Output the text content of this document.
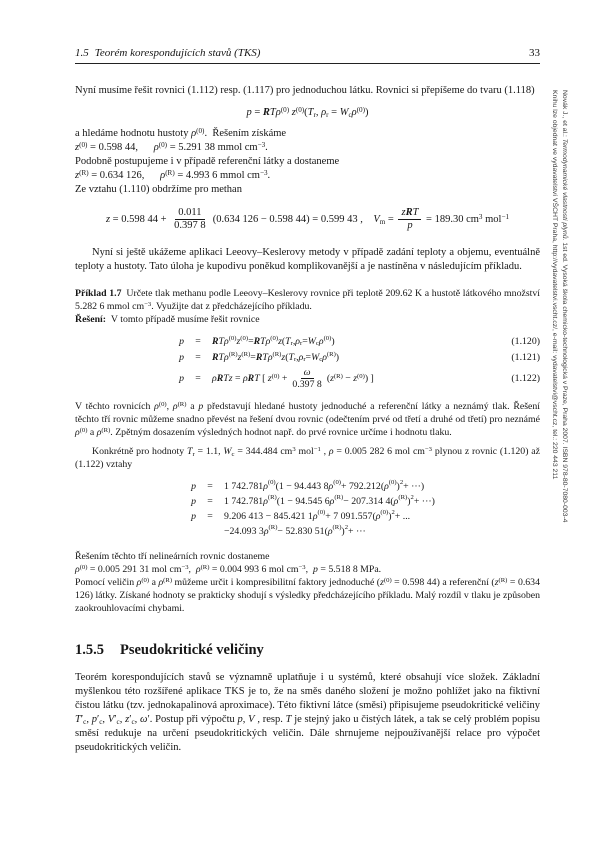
1.5 Teorém korespondujících stavů (TKS)	33

Nyní musíme řešit rovnici (1.112) resp. (1.117) pro jednoduchou látku. Rovnici si přepíšeme do tvaru (1.118)

p = RTρ$^{(0)}$ $z^{(0)}(T_r$, $\rho_r = W_c\rho^{(0)}$)
a hledáme hodnotu hustoty $\rho^{(0)}$. Řešením získáme
$z^{(0)} = 0.598$ 44,  $\rho^{(0)} = 5.291$ 38 mmol $cm^{-3}$.
Podobně postupujeme i v případě referenční látky a dostaneme
$z^{(R)} = 0.634$ 126,  $\rho^{(R)} = 4.993$ 6 mmol $cm^{-3}$.
Ze vztahu (1.110) obdržíme pro methan
z = 0.598 $44 + \frac{0.011}{0.397 8} (0.634$ 126 − 0.598 44) = 0.599 43 , $V_m = \frac{\text{zRT}}{p} = 189.30$ $cm^3$ mol$^{-1}$

Nyní si ještě ukážeme aplikaci Leeovy–Keslerovy metody v případě zadání teploty a objemu, eventuálně teploty a hustoty. Tato úloha je kupodivu poněkud komplikovanější a je nastíněna v následujícím příkladu.

Příklad 1.7 Určete tlak methanu podle Leeovy–Keslerovy rovnice při teplotě 209.62 K a hustotě látkového množství 5.282 6 mmol $cm^{-3}$. Využijte dat z předcházejícího příkladu.

Řešení: V tomto případě musíme řešit rovnice
p	=	R T $\rho^{(0)}$ $z^{(0)} = R$ T $\rho^{(0)}$ z ( $T_r$ , $\rho_r = W_c$ $\rho^{(0)}$ )	(1.120)
p	=	R T $\rho^{(R)}$ $z^{(R)} = R$ T $\rho^{(R)}$ z ( $T_r$ , $\rho_r = W_c$ $\rho^{(R)}$ )	(1.121)
p	=	ρRTz = ρRT [ $z^{(0)} + \frac{\omega}{0.397 8} (z^{(R)} - z^{(0)})$ ]	(1.122)

V těchto rovnicích $\rho^{(0)}$, $\rho^{(R)}$ a p představují hledané hustoty jednoduché a referenční látky a neznámý tlak. Řešení těchto tří rovnic můžeme snadno převést na řešení dvou rovnic (odečtením prvé od třetí a druhé od třetí) pro neznámé $\rho^{(0)}$ a $\rho^{(R)}$. Zpětným dosazením výsledných hodnot např. do prvé rovnice určíme i hodnotu tlaku.

Konkrétně pro hodnoty $T_r = 1.1$, $W_c = 344.484$ $cm^3$ mol$^{-1}$ , ρ = 0.005 282 6 mol $cm^{-3}$ plynou z rovnic (1.120) až (1.122) vztahy

p	=	1 742.781 $\rho^{(0)}$ (1 − 94.443 8 $\rho^{(0)} + 792.212$( $\rho^{(0)}$ )$^2$ + ···)
p	=	1 742.781 $\rho^{(R)}$ (1 − 94.545 6 $\rho^{(R)} - 207.314$ 4( $\rho^{(R)}$ )$^2$ + ···)
p	=	9.206 413 − 845.421 1 $\rho^{(0)} + 7$ 091.557( $\rho^{(0)}$ )$^2$ + ...
−24.093 3 $\rho^{(R)} - 52.830$ 51( $\rho^{(R)}$ )$^2$ + ···
Řešením těchto tří nelineárních rovnic dostaneme
$\rho^{(0)} = 0.005$ 291 31 mol $cm^{-3}$, $\rho^{(R)} = 0.004$ 993 6 mol $cm^{-3}$, p = 5.518 8 MPa.

Pomocí veličin $\rho^{(0)}$ a $\rho^{(R)}$ můžeme určit i kompresibilitní faktory jednoduché ($z^{(0)} = 0.598$ 44) a referenční ($z^{(R)} = 0.634$ 126) látky. Získané hodnoty se prakticky shodují s výsledky předcházejícího příkladu. Malý rozdíl v tlaku je způsoben zaokrouhlovacími chybami.

1.5.5 Pseudokritické veličiny

Teorém korespondujících stavů se významně uplatňuje i u systémů, které obsahují více složek. Základní myšlenkou této rozšířené aplikace TKS je to, že na směs daného složení je možno pohlížet jako na fiktivní čistou látku (tzv. jednokapalinová aproximace). Této fiktivní látce (směsi) připisujeme pseudokritické veličiny $T'_c$, $p'_c$, $V'_c$, $z'_c$, ω′. Postup při výpočtu p, V , resp. T je stejný jako u čistých látek, a tak se celý problém popisu směsí redukuje na určení pseudokritických veličin. Dále shrnujeme nejpoužívanější relace pro výpočet pseudokritických veličin.

Knihu lze objednat ve vydavatelství VŠCHT Praha, http://vydavatelstvi.vscht.cz/, e-mail: vydavatelstvi@vscht.cz, tel.: 220 443 211 Novák J., et al.: Termodynamické vlastnosti plynů. 1st ed. Vysoká škola chemicko-technologická v Praze, Praha 2007. ISBN 978-80-7080-003-4
